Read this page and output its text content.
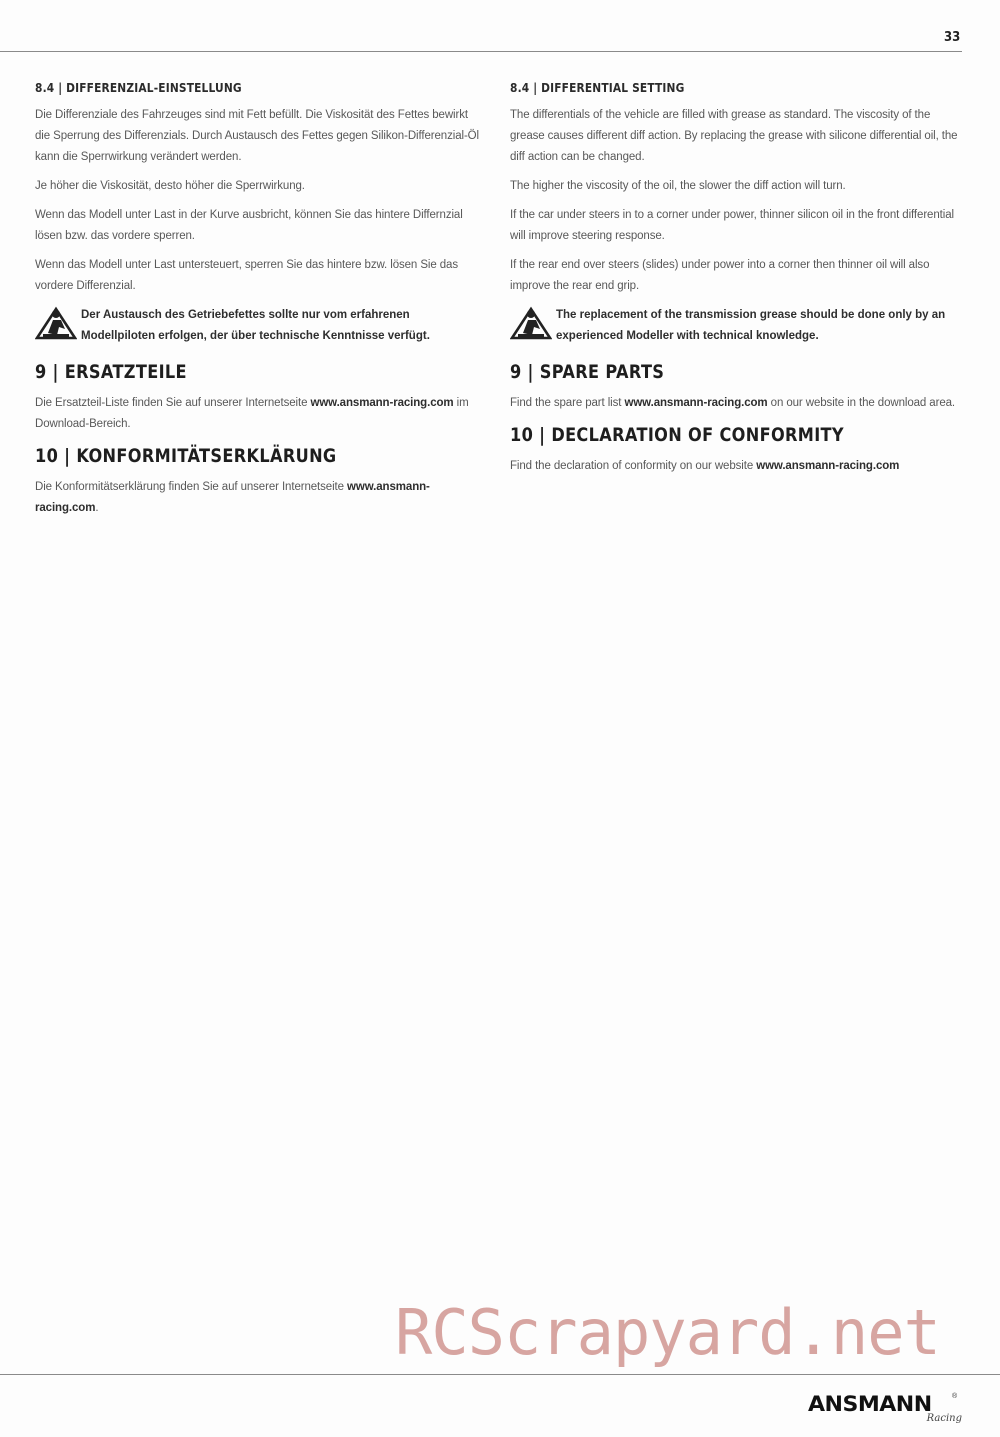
33
8.4 | DIFFERENZIAL-EINSTELLUNG

Die Differenziale des Fahrzeuges sind mit Fett befüllt. Die Viskosität des Fettes bewirkt die Sperrung des Differenzials. Durch Austausch des Fettes gegen Silikon-Differenzial-Öl kann die Sperrwirkung verändert werden.

Je höher die Viskosität, desto höher die Sperrwirkung.

Wenn das Modell unter Last in der Kurve ausbricht, können Sie das hintere Differnzial lösen bzw. das vordere sperren.

Wenn das Modell unter Last untersteuert, sperren Sie das hintere bzw. lösen Sie das vordere Differenzial.

Der Austausch des Getriebefettes sollte nur vom erfahrenen Modellpiloten erfolgen, der über technische Kenntnisse verfügt.
9 | ERSATZTEILE

Die Ersatzteil-Liste finden Sie auf unserer Internetseite www.ansmann-racing.com im Download-Bereich.

10 | KONFORMITÄTSERKLÄRUNG

Die Konformitätserklärung finden Sie auf unserer Internetseite www.ansmann-racing.com.

8.4 | DIFFERENTIAL SETTING

The differentials of the vehicle are filled with grease as standard. The viscosity of the grease causes different diff action. By replacing the grease with silicone differential oil, the diff action can be changed.

The higher the viscosity of the oil, the slower the diff action will turn.

If the car under steers in to a corner under power, thinner silicon oil in the front differential will improve steering response.

If the rear end over steers (slides) under power into a corner then thinner oil will also improve the rear end grip.

The replacement of the transmission grease should be done only by an experienced Modeller with technical knowledge.
9 | SPARE PARTS

Find the spare part list www.ansmann-racing.com on our website in the download area.

10 | DECLARATION OF CONFORMITY

Find the declaration of conformity on our website www.ansmann-racing.com

RCScrapyard.net
ANSMANN	®
Racing
